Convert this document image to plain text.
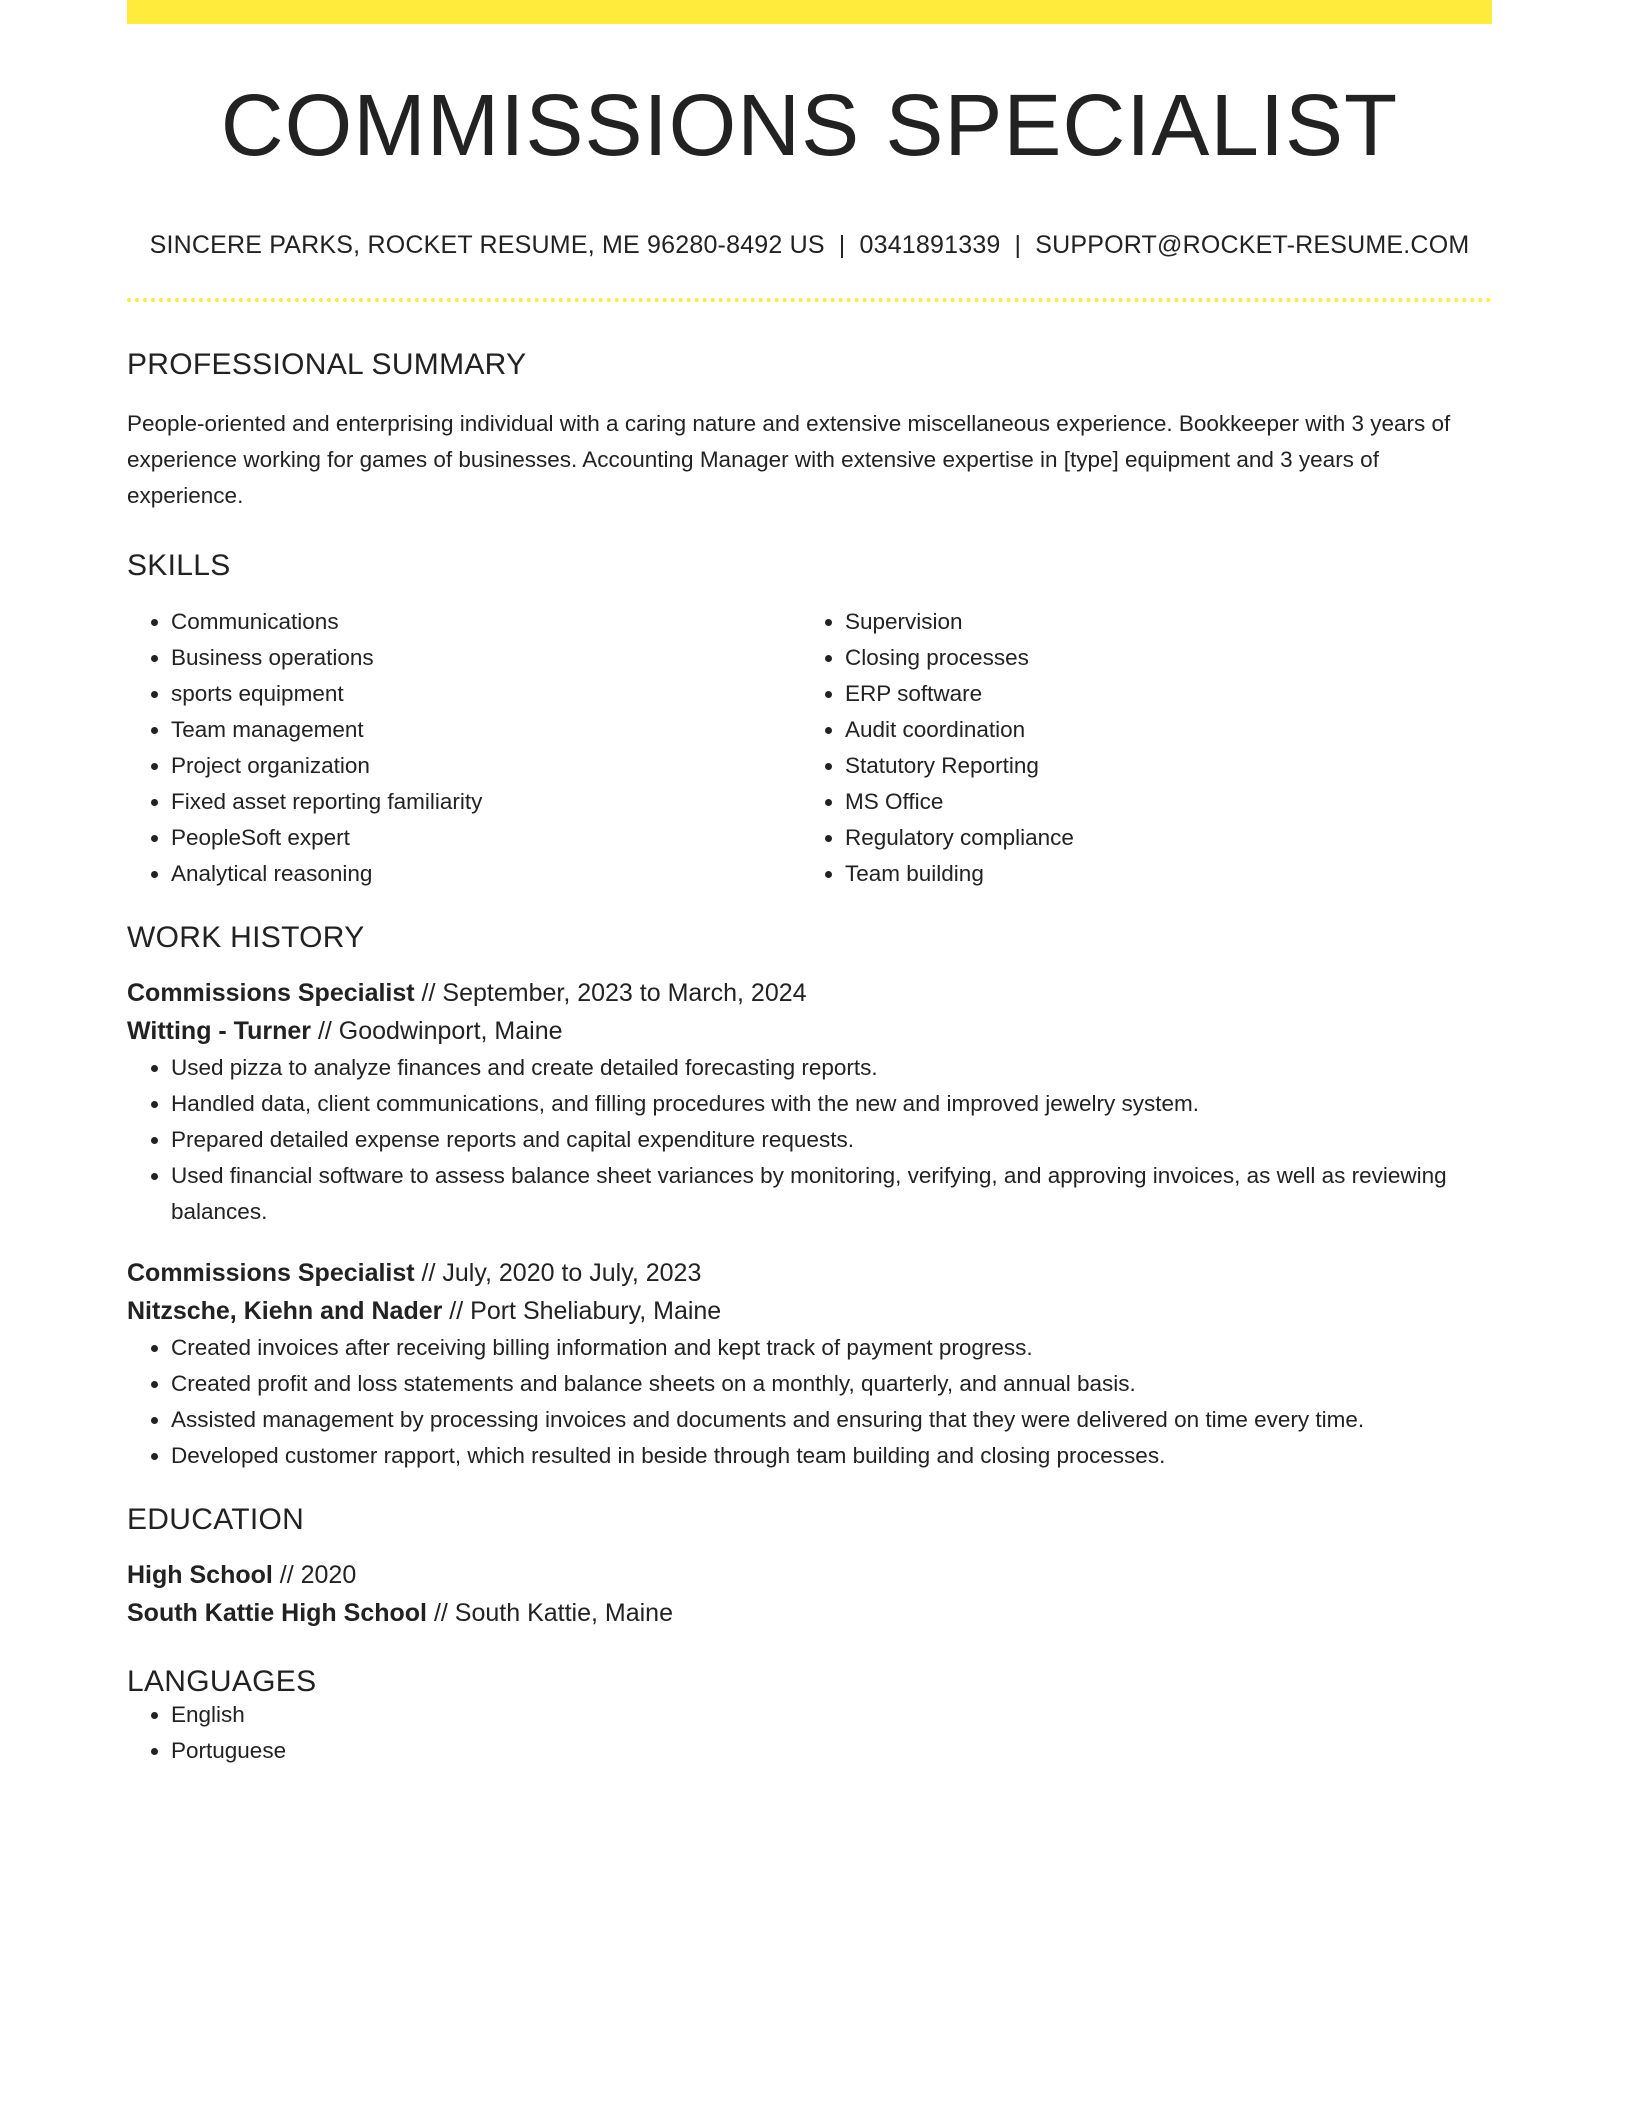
COMMISSIONS SPECIALIST
SINCERE PARKS, ROCKET RESUME, ME 96280-8492 US | 0341891339 | SUPPORT@ROCKET-RESUME.COM
PROFESSIONAL SUMMARY

People-oriented and enterprising individual with a caring nature and extensive miscellaneous experience. Bookkeeper with 3 years of experience working for games of businesses. Accounting Manager with extensive expertise in [type] equipment and 3 years of experience.

SKILLS
• Communications
• Business operations
• sports equipment
• Team management
• Project organization
• Fixed asset reporting familiarity
• PeopleSoft expert
• Analytical reasoning
• Supervision
• Closing processes
• ERP software
• Audit coordination
• Statutory Reporting
• MS Office
• Regulatory compliance
• Team building
WORK HISTORY
Commissions Specialist // September, 2023 to March, 2024
Witting - Turner // Goodwinport, Maine
• Used pizza to analyze finances and create detailed forecasting reports.
• Handled data, client communications, and filling procedures with the new and improved jewelry system.
• Prepared detailed expense reports and capital expenditure requests.
• Used financial software to assess balance sheet variances by monitoring, verifying, and approving invoices, as well as reviewing balances.
Commissions Specialist // July, 2020 to July, 2023
Nitzsche, Kiehn and Nader // Port Sheliabury, Maine
• Created invoices after receiving billing information and kept track of payment progress.
• Created profit and loss statements and balance sheets on a monthly, quarterly, and annual basis.
• Assisted management by processing invoices and documents and ensuring that they were delivered on time every time.
• Developed customer rapport, which resulted in beside through team building and closing processes.
EDUCATION
High School // 2020
South Kattie High School // South Kattie, Maine
LANGUAGES
• English
• Portuguese
